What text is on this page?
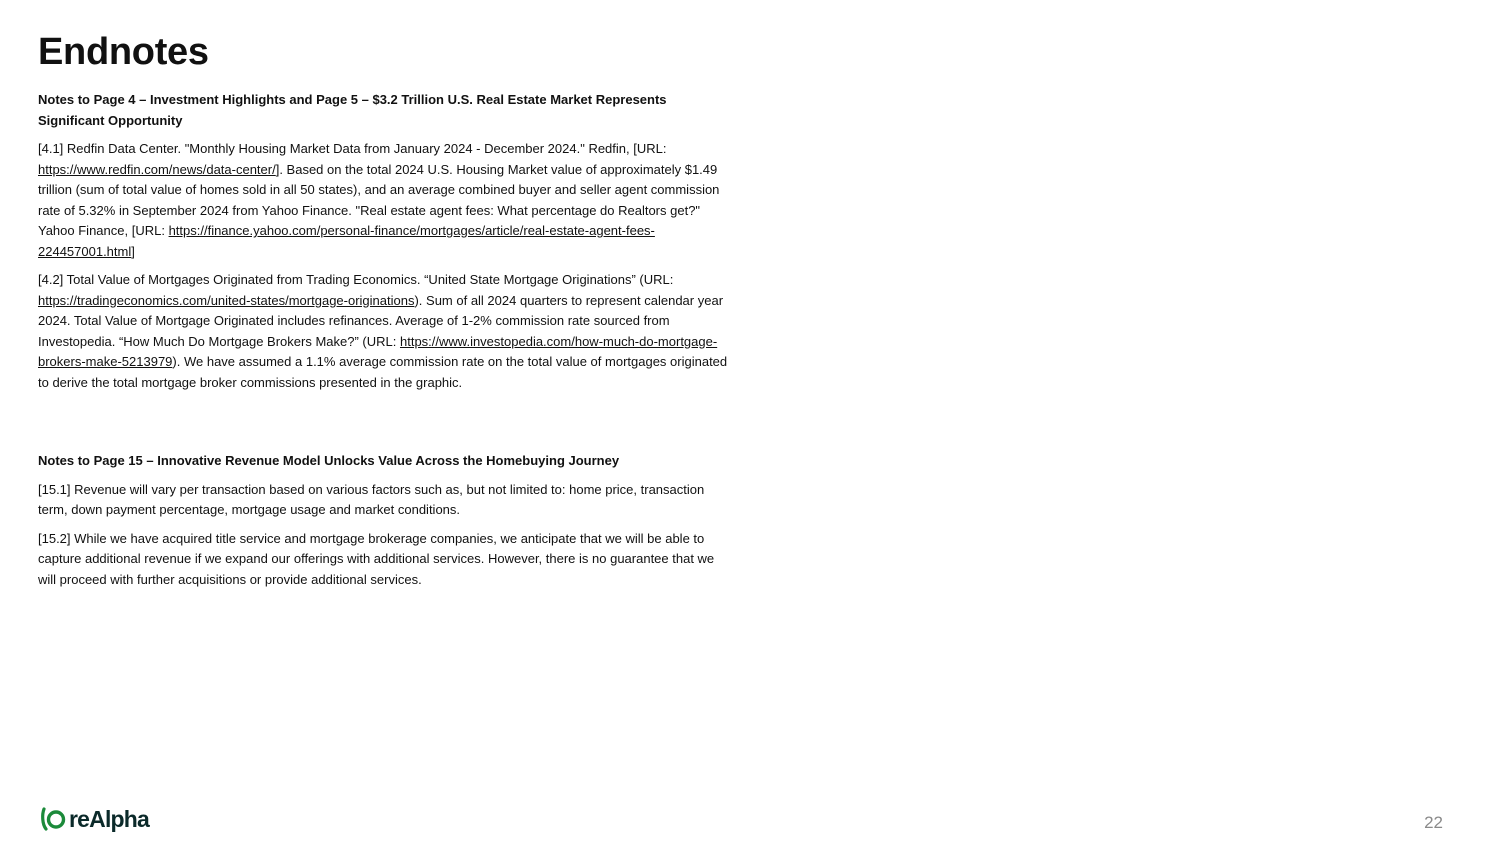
Endnotes

Notes to Page 4 – Investment Highlights and Page 5 – $3.2 Trillion U.S. Real Estate Market Represents Significant Opportunity

[4.1] Redfin Data Center. "Monthly Housing Market Data from January 2024 - December 2024." Redfin, [URL: https://www.redfin.com/news/data-center/]. Based on the total 2024 U.S. Housing Market value of approximately $1.49 trillion (sum of total value of homes sold in all 50 states), and an average combined buyer and seller agent commission rate of 5.32% in September 2024 from Yahoo Finance. "Real estate agent fees: What percentage do Realtors get?" Yahoo Finance, [URL: https://finance.yahoo.com/personal-finance/mortgages/article/real-estate-agent-fees-224457001.html]

[4.2] Total Value of Mortgages Originated from Trading Economics. “United State Mortgage Originations” (URL: https://tradingeconomics.com/united-states/mortgage-originations). Sum of all 2024 quarters to represent calendar year 2024. Total Value of Mortgage Originated includes refinances. Average of 1-2% commission rate sourced from Investopedia. “How Much Do Mortgage Brokers Make?” (URL: https://www.investopedia.com/how-much-do-mortgage-brokers-make-5213979). We have assumed a 1.1% average commission rate on the total value of mortgages originated to derive the total mortgage broker commissions presented in the graphic.

Notes to Page 15 – Innovative Revenue Model Unlocks Value Across the Homebuying Journey

[15.1] Revenue will vary per transaction based on various factors such as, but not limited to: home price, transaction term, down payment percentage, mortgage usage and market conditions.

[15.2] While we have acquired title service and mortgage brokerage companies, we anticipate that we will be able to capture additional revenue if we expand our offerings with additional services. However, there is no guarantee that we will proceed with further acquisitions or provide additional services.

reAlpha	22
